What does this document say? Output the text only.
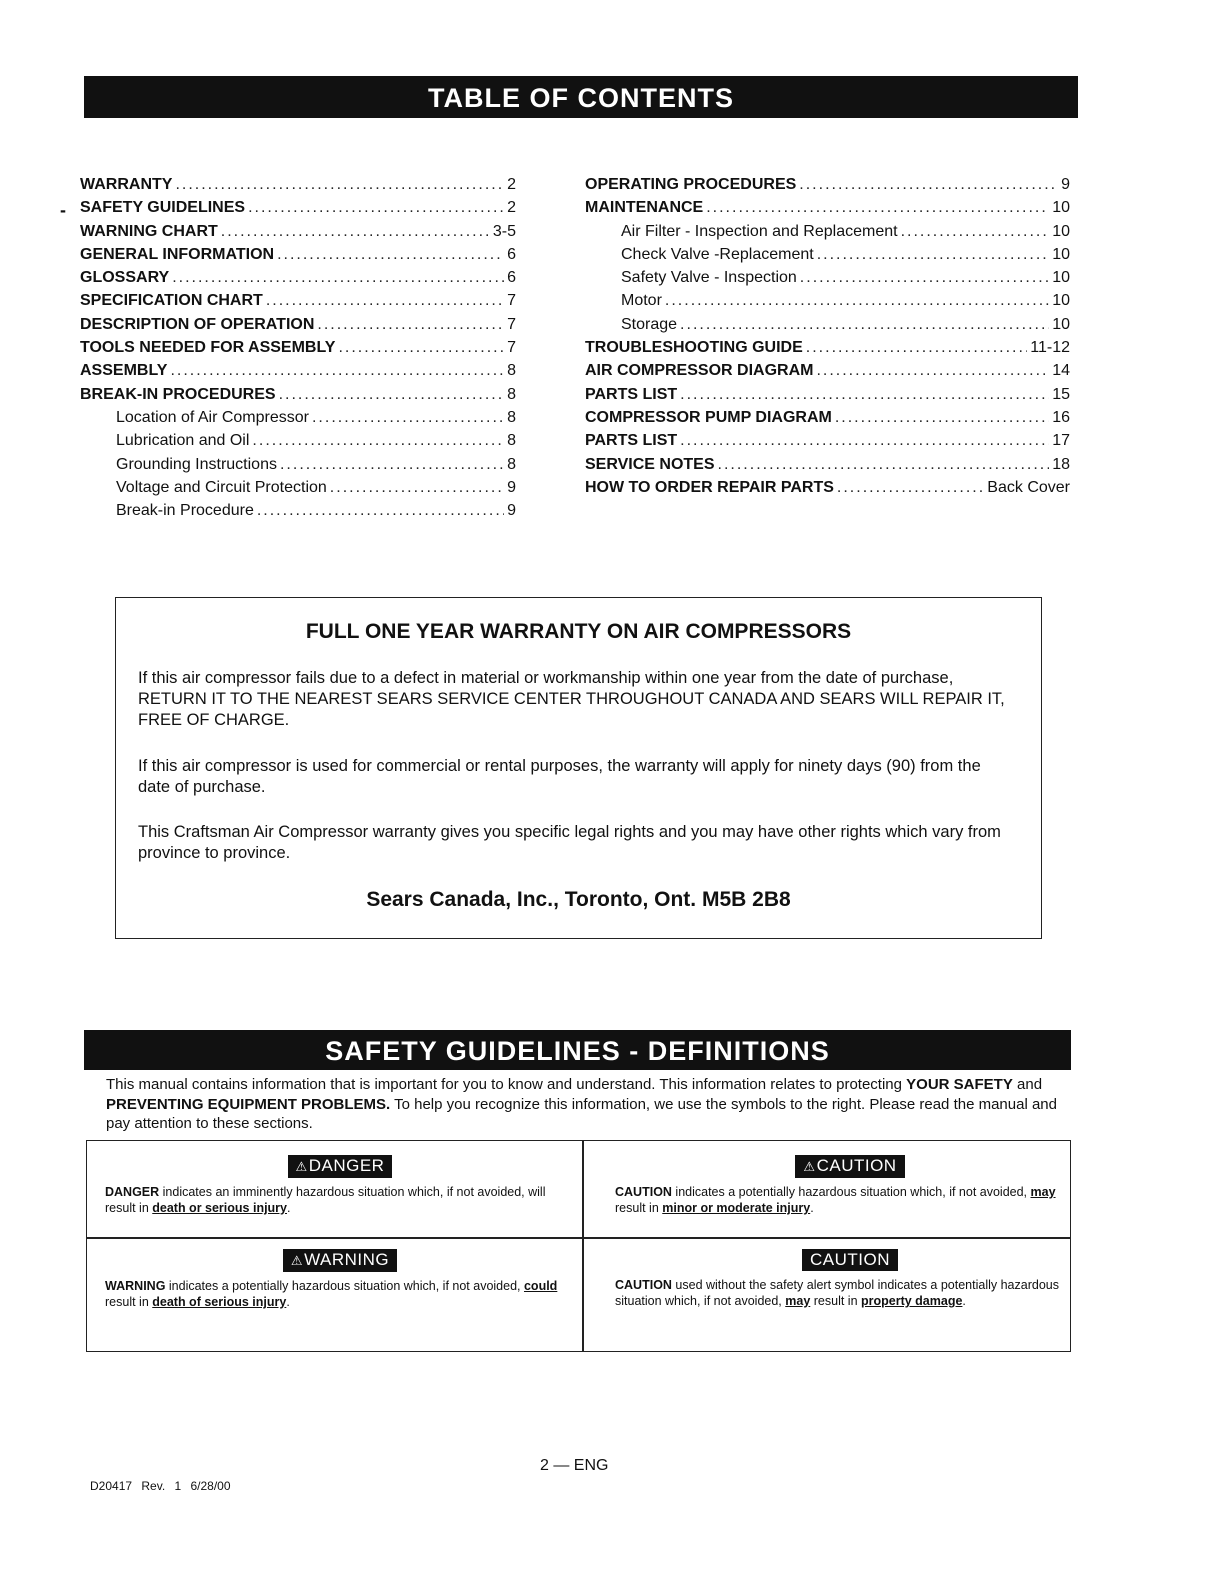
TABLE OF CONTENTS
-
WARRANTY .....	2
SAFETY GUIDELINES .....	2
WARNING CHART .....	3-5
GENERAL INFORMATION .....	6
GLOSSARY .....	6
SPECIFICATION CHART .....	7
DESCRIPTION OF OPERATION .....	7
TOOLS NEEDED FOR ASSEMBLY .....	7
ASSEMBLY .....	8
BREAK-IN PROCEDURES .....	8
Location of Air Compressor .....	8
Lubrication and Oil .....	8
Grounding Instructions .....	8
Voltage and Circuit Protection .....	9
Break-in Procedure .....	9
OPERATING PROCEDURES .....	9
MAINTENANCE .....	10
Air Filter - Inspection and Replacement .....	10
Check Valve -Replacement .....	10
Safety Valve - Inspection .....	10
Motor .....	10
Storage .....	10
TROUBLESHOOTING GUIDE .....	11-12
AIR COMPRESSOR DIAGRAM .....	14
PARTS LIST .....	15
COMPRESSOR PUMP DIAGRAM .....	16
PARTS LIST .....	17
SERVICE NOTES .....	18
HOW TO ORDER REPAIR PARTS .....	Back Cover
FULL ONE YEAR WARRANTY ON AIR COMPRESSORS

If this air compressor fails due to a defect in material or workmanship within one year from the date of purchase, RETURN IT TO THE NEAREST SEARS SERVICE CENTER THROUGHOUT CANADA AND SEARS WILL REPAIR IT, FREE OF CHARGE.

If this air compressor is used for commercial or rental purposes, the warranty will apply for ninety days (90) from the date of purchase.

This Craftsman Air Compressor warranty gives you specific legal rights and you may have other rights which vary from province to province.

Sears Canada, Inc., Toronto, Ont. M5B 2B8
SAFETY GUIDELINES - DEFINITIONS

This manual contains information that is important for you to know and understand. This information relates to protecting YOUR SAFETY and PREVENTING EQUIPMENT PROBLEMS. To help you recognize this information, we use the symbols to the right. Please read the manual and pay attention to these sections.

⚠DANGER
DANGER indicates an imminently hazardous situation which, if not avoided, will result in death or serious injury.
⚠CAUTION
CAUTION indicates a potentially hazardous situation which, if not avoided, may result in minor or moderate injury.
⚠WARNING
WARNING indicates a potentially hazardous situation which, if not avoided, could result in death of serious injury.
CAUTION
CAUTION used without the safety alert symbol indicates a potentially hazardous situation which, if not avoided, may result in property damage.
2 — ENG
D20417 Rev. 1 6/28/00
